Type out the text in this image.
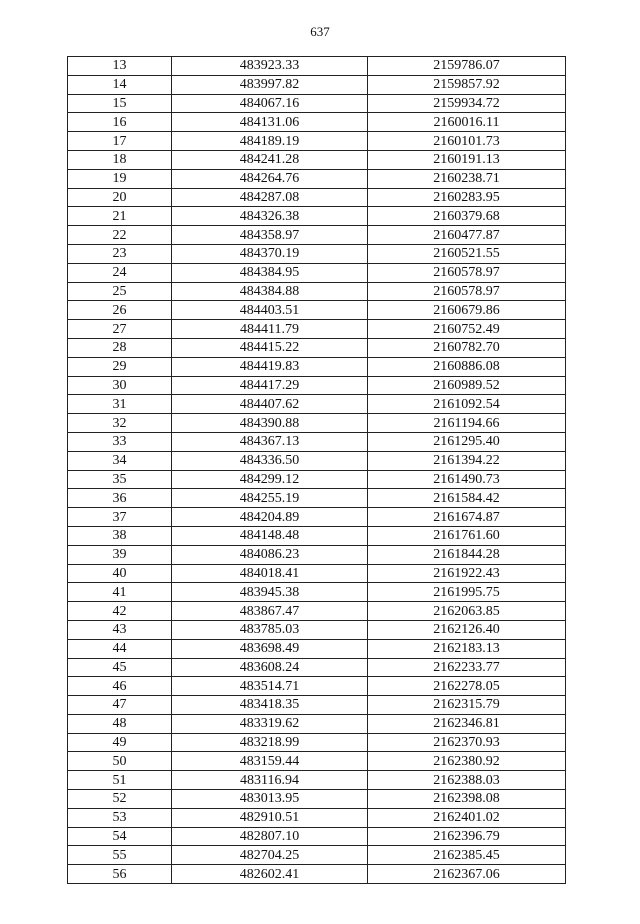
637
13	483923.33	2159786.07
14	483997.82	2159857.92
15	484067.16	2159934.72
16	484131.06	2160016.11
17	484189.19	2160101.73
18	484241.28	2160191.13
19	484264.76	2160238.71
20	484287.08	2160283.95
21	484326.38	2160379.68
22	484358.97	2160477.87
23	484370.19	2160521.55
24	484384.95	2160578.97
25	484384.88	2160578.97
26	484403.51	2160679.86
27	484411.79	2160752.49
28	484415.22	2160782.70
29	484419.83	2160886.08
30	484417.29	2160989.52
31	484407.62	2161092.54
32	484390.88	2161194.66
33	484367.13	2161295.40
34	484336.50	2161394.22
35	484299.12	2161490.73
36	484255.19	2161584.42
37	484204.89	2161674.87
38	484148.48	2161761.60
39	484086.23	2161844.28
40	484018.41	2161922.43
41	483945.38	2161995.75
42	483867.47	2162063.85
43	483785.03	2162126.40
44	483698.49	2162183.13
45	483608.24	2162233.77
46	483514.71	2162278.05
47	483418.35	2162315.79
48	483319.62	2162346.81
49	483218.99	2162370.93
50	483159.44	2162380.92
51	483116.94	2162388.03
52	483013.95	2162398.08
53	482910.51	2162401.02
54	482807.10	2162396.79
55	482704.25	2162385.45
56	482602.41	2162367.06
